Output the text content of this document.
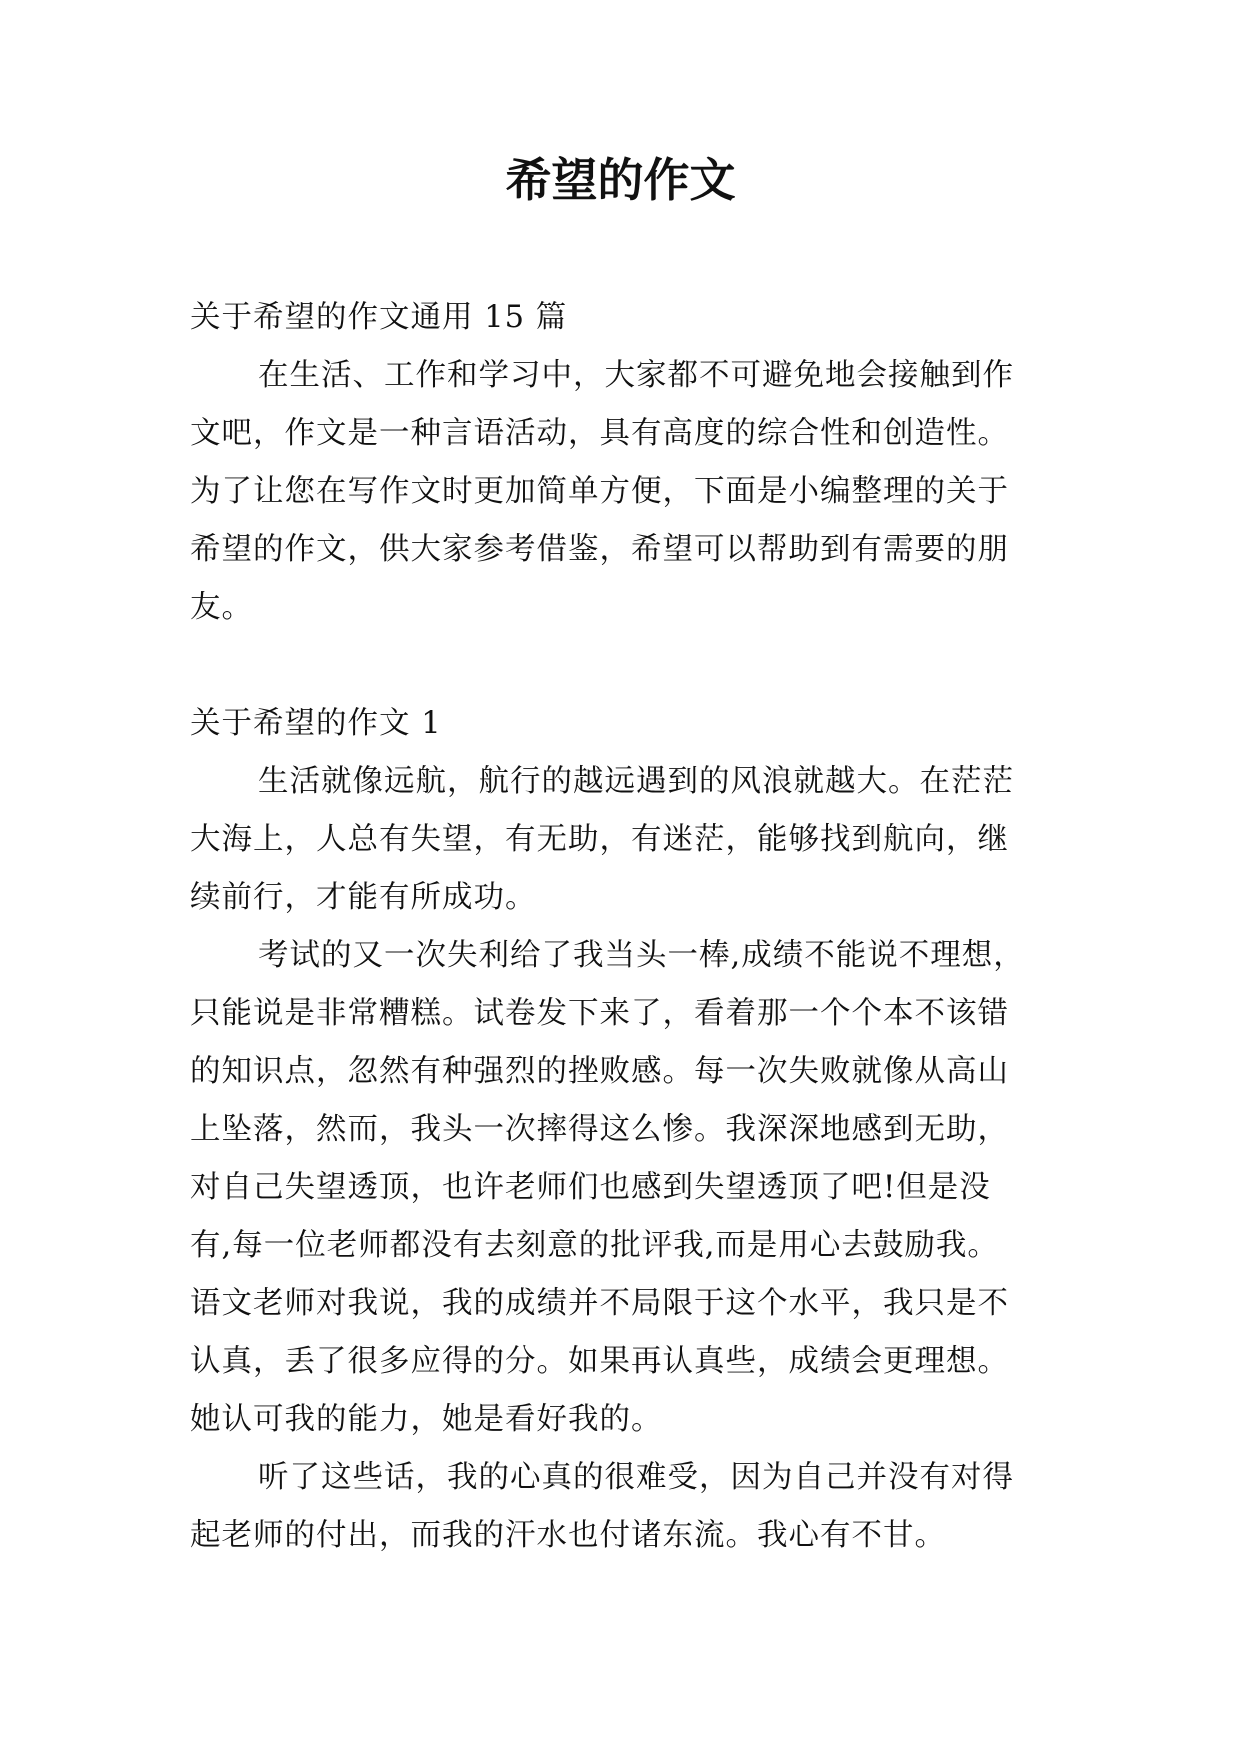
希望的作文
关于希望的作文通用 15 篇
在生活、工作和学习中，大家都不可避免地会接触到作
文吧，作文是一种言语活动，具有高度的综合性和创造性。
为了让您在写作文时更加简单方便，下面是小编整理的关于
希望的作文，供大家参考借鉴，希望可以帮助到有需要的朋
友。
关于希望的作文 1
生活就像远航，航行的越远遇到的风浪就越大。在茫茫
大海上，人总有失望，有无助，有迷茫，能够找到航向，继
续前行，才能有所成功。
考试的又一次失利给了我当头一棒,成绩不能说不理想，
只能说是非常糟糕。试卷发下来了，看着那一个个本不该错
的知识点，忽然有种强烈的挫败感。每一次失败就像从高山
上坠落，然而，我头一次摔得这么惨。我深深地感到无助，
对自己失望透顶，也许老师们也感到失望透顶了吧!但是没
有,每一位老师都没有去刻意的批评我,而是用心去鼓励我。
语文老师对我说，我的成绩并不局限于这个水平，我只是不
认真，丢了很多应得的分。如果再认真些，成绩会更理想。
她认可我的能力，她是看好我的。
听了这些话，我的心真的很难受，因为自己并没有对得
起老师的付出，而我的汗水也付诸东流。我心有不甘。
